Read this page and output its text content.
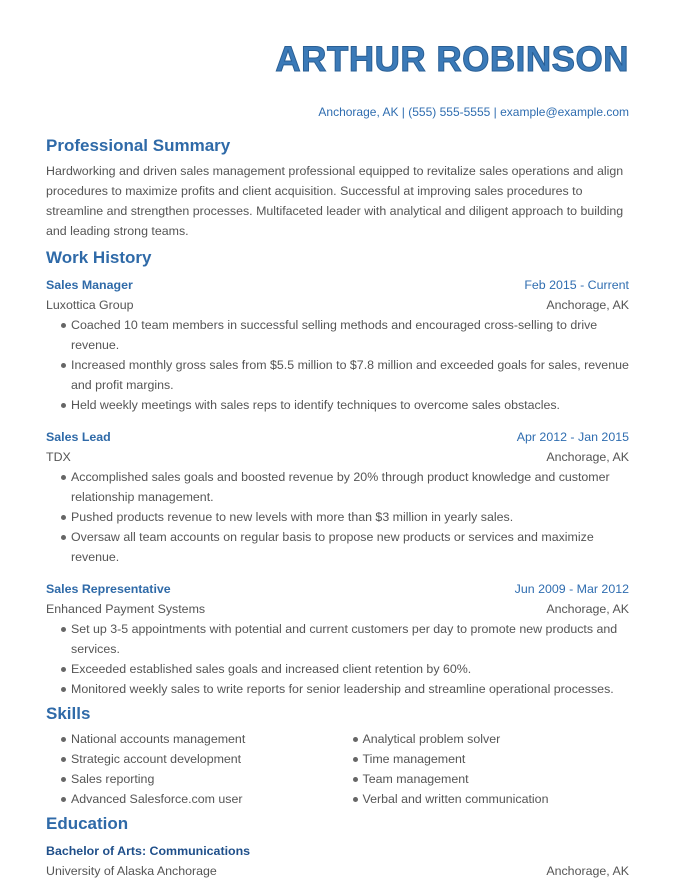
ARTHUR ROBINSON
Anchorage, AK | (555) 555-5555 | example@example.com
Professional Summary
Hardworking and driven sales management professional equipped to revitalize sales operations and align procedures to maximize profits and client acquisition. Successful at improving sales procedures to streamline and strengthen processes. Multifaceted leader with analytical and diligent approach to building and leading strong teams.
Work History
Sales Manager	Feb 2015 - Current
Luxottica Group	Anchorage, AK
Coached 10 team members in successful selling methods and encouraged cross-selling to drive revenue.
Increased monthly gross sales from $5.5 million to $7.8 million and exceeded goals for sales, revenue and profit margins.
Held weekly meetings with sales reps to identify techniques to overcome sales obstacles.
Sales Lead	Apr 2012 - Jan 2015
TDX	Anchorage, AK
Accomplished sales goals and boosted revenue by 20% through product knowledge and customer relationship management.
Pushed products revenue to new levels with more than $3 million in yearly sales.
Oversaw all team accounts on regular basis to propose new products or services and maximize revenue.
Sales Representative	Jun 2009 - Mar 2012
Enhanced Payment Systems	Anchorage, AK
Set up 3-5 appointments with potential and current customers per day to promote new products and services.
Exceeded established sales goals and increased client retention by 60%.
Monitored weekly sales to write reports for senior leadership and streamline operational processes.
Skills
National accounts management
Strategic account development
Sales reporting
Advanced Salesforce.com user
Analytical problem solver
Time management
Team management
Verbal and written communication
Education
Bachelor of Arts: Communications
University of Alaska Anchorage	Anchorage, AK
